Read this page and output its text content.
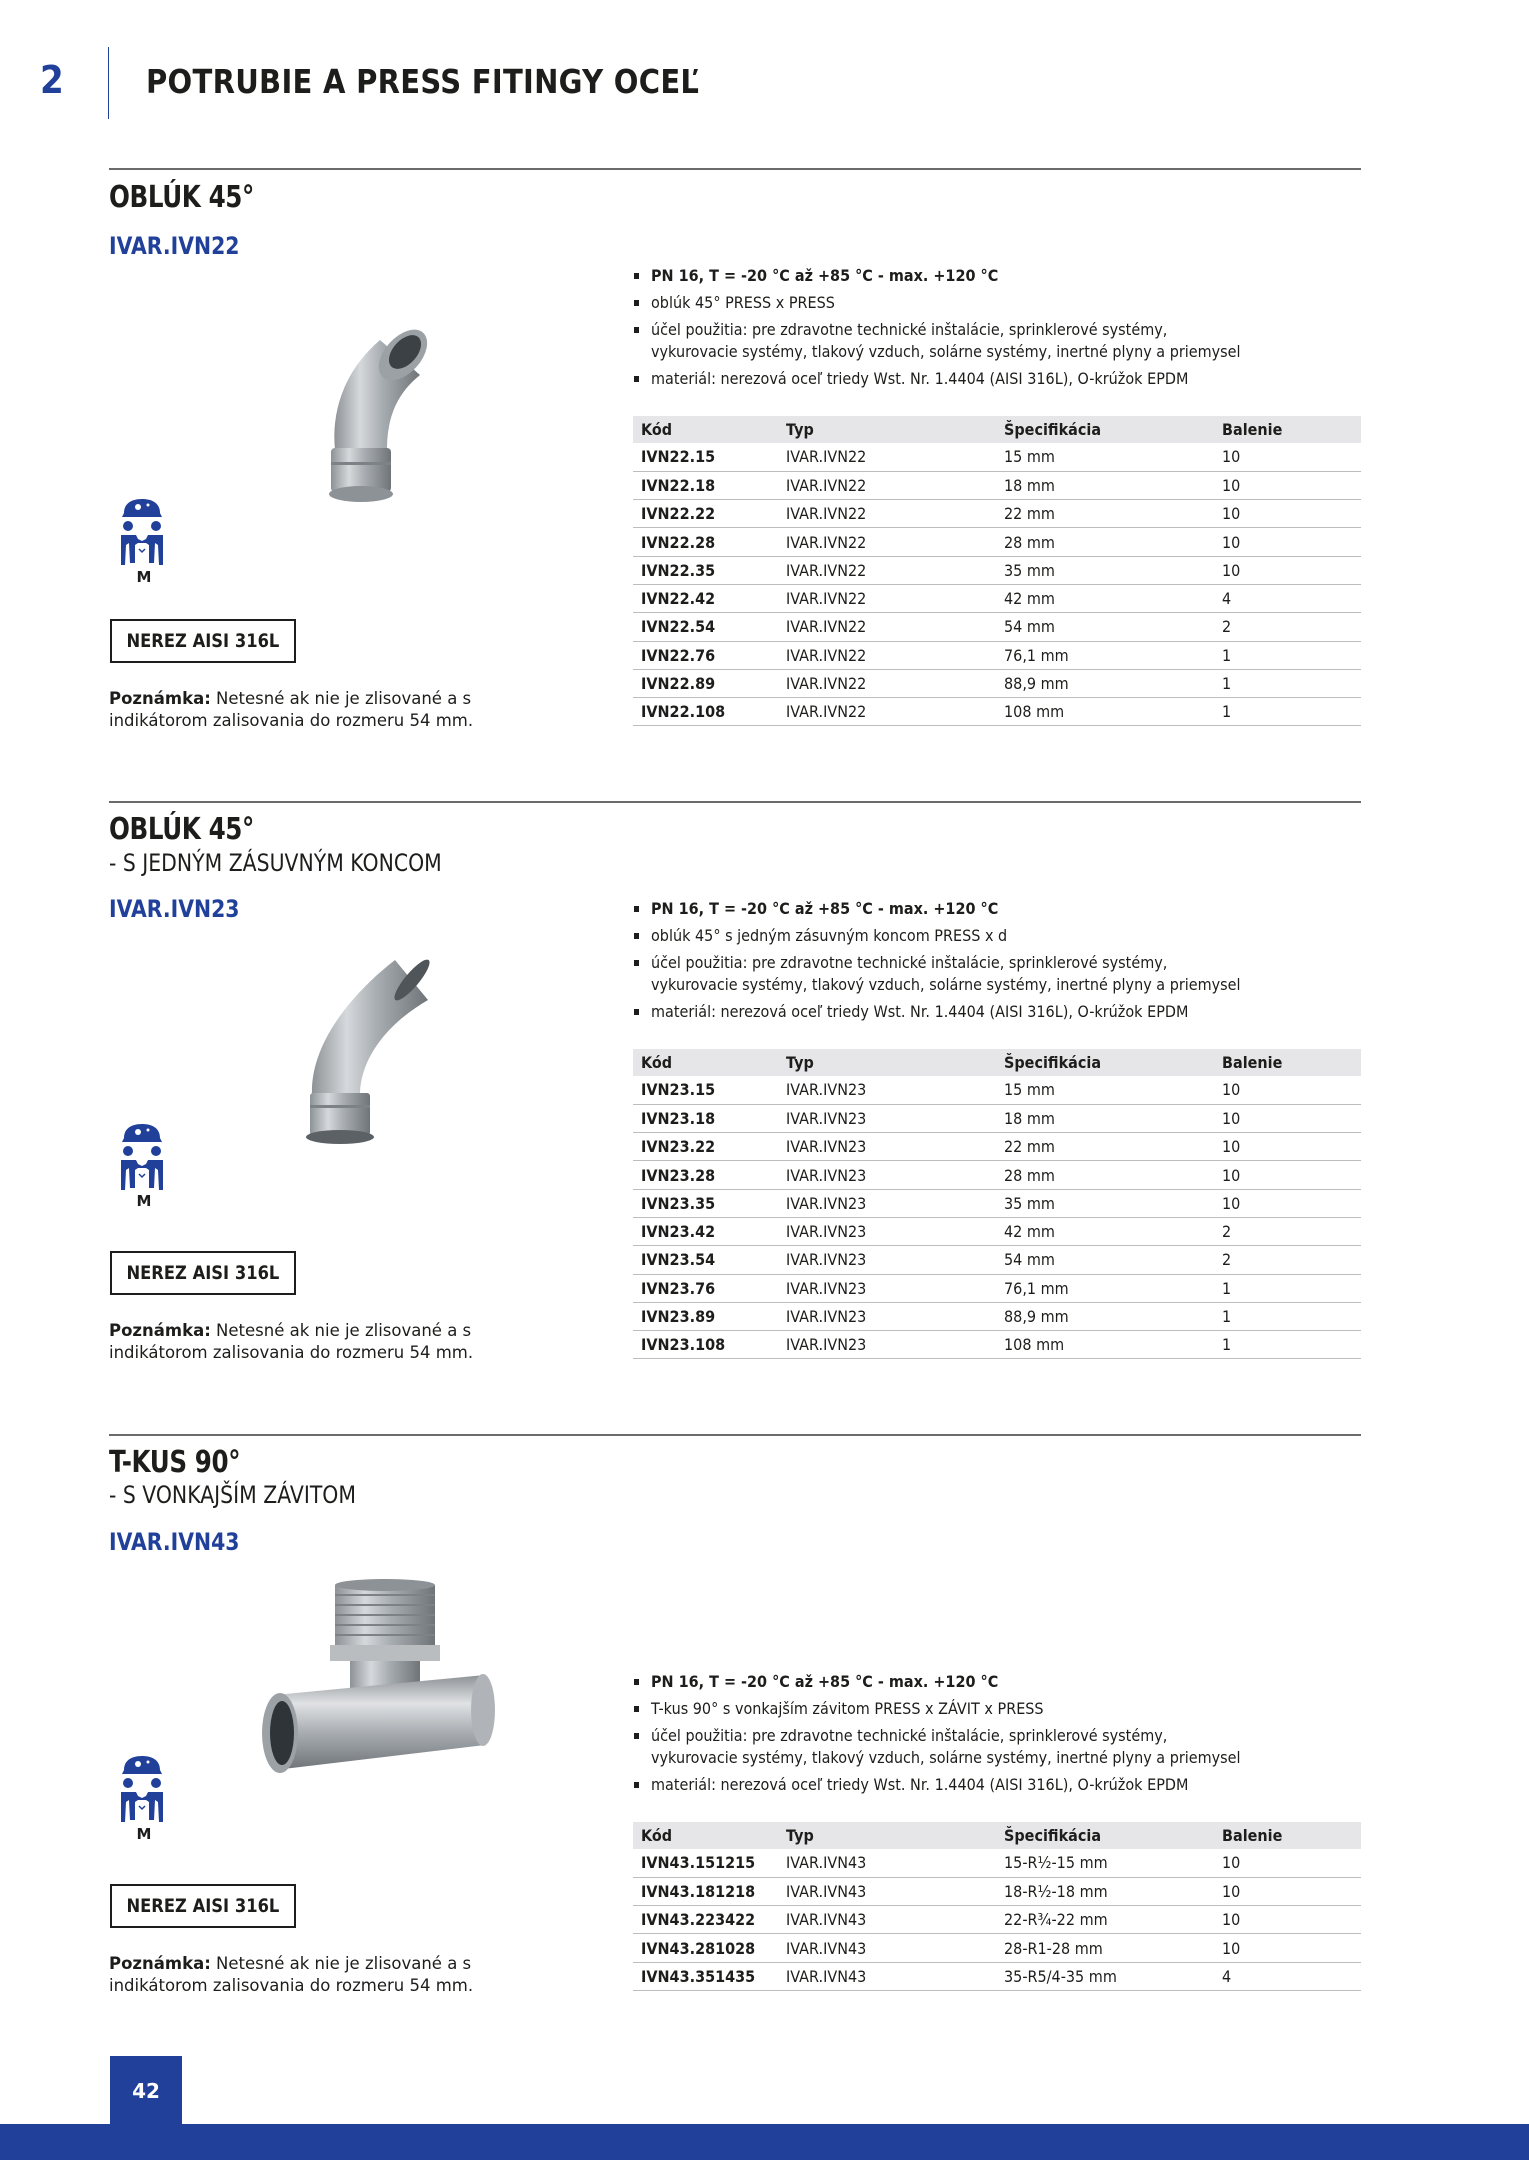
2	POTRUBIE A PRESS FITINGY OCEĽ
OBLÚK 45°
IVAR.IVN22
M
NEREZ AISI 316L
Poznámka: Netesné ak nie je zlisované a s indikátorom zalisovania do rozmeru 54 mm.
PN 16, T = -20 °C až +85 °C - max. +120 °C
oblúk 45° PRESS x PRESS
účel použitia: pre zdravotne technické inštalácie, sprinklerové systémy,
vykurovacie systémy, tlakový vzduch, solárne systémy, inertné plyny a priemysel
materiál: nerezová oceľ triedy Wst. Nr. 1.4404 (AISI 316L), O-krúžok EPDM
Kód	Typ	Špecifikácia	Balenie
IVN22.15	IVAR.IVN22	15 mm	10
IVN22.18	IVAR.IVN22	18 mm	10
IVN22.22	IVAR.IVN22	22 mm	10
IVN22.28	IVAR.IVN22	28 mm	10
IVN22.35	IVAR.IVN22	35 mm	10
IVN22.42	IVAR.IVN22	42 mm	4
IVN22.54	IVAR.IVN22	54 mm	2
IVN22.76	IVAR.IVN22	76,1 mm	1
IVN22.89	IVAR.IVN22	88,9 mm	1
IVN22.108	IVAR.IVN22	108 mm	1
OBLÚK 45°
- S JEDNÝM ZÁSUVNÝM KONCOM
IVAR.IVN23
M
NEREZ AISI 316L
Poznámka: Netesné ak nie je zlisované a s indikátorom zalisovania do rozmeru 54 mm.
PN 16, T = -20 °C až +85 °C - max. +120 °C
oblúk 45° s jedným zásuvným koncom PRESS x d
účel použitia: pre zdravotne technické inštalácie, sprinklerové systémy,
vykurovacie systémy, tlakový vzduch, solárne systémy, inertné plyny a priemysel
materiál: nerezová oceľ triedy Wst. Nr. 1.4404 (AISI 316L), O-krúžok EPDM
Kód	Typ	Špecifikácia	Balenie
IVN23.15	IVAR.IVN23	15 mm	10
IVN23.18	IVAR.IVN23	18 mm	10
IVN23.22	IVAR.IVN23	22 mm	10
IVN23.28	IVAR.IVN23	28 mm	10
IVN23.35	IVAR.IVN23	35 mm	10
IVN23.42	IVAR.IVN23	42 mm	2
IVN23.54	IVAR.IVN23	54 mm	2
IVN23.76	IVAR.IVN23	76,1 mm	1
IVN23.89	IVAR.IVN23	88,9 mm	1
IVN23.108	IVAR.IVN23	108 mm	1
T-KUS 90°
- S VONKAJŠÍM ZÁVITOM
IVAR.IVN43
M
NEREZ AISI 316L
Poznámka: Netesné ak nie je zlisované a s indikátorom zalisovania do rozmeru 54 mm.
PN 16, T = -20 °C až +85 °C - max. +120 °C
T-kus 90° s vonkajším závitom PRESS x ZÁVIT x PRESS
účel použitia: pre zdravotne technické inštalácie, sprinklerové systémy,
vykurovacie systémy, tlakový vzduch, solárne systémy, inertné plyny a priemysel
materiál: nerezová oceľ triedy Wst. Nr. 1.4404 (AISI 316L), O-krúžok EPDM
Kód	Typ	Špecifikácia	Balenie
IVN43.151215	IVAR.IVN43	15-R½-15 mm	10
IVN43.181218	IVAR.IVN43	18-R½-18 mm	10
IVN43.223422	IVAR.IVN43	22-R¾-22 mm	10
IVN43.281028	IVAR.IVN43	28-R1-28 mm	10
IVN43.351435	IVAR.IVN43	35-R5/4-35 mm	4
42
